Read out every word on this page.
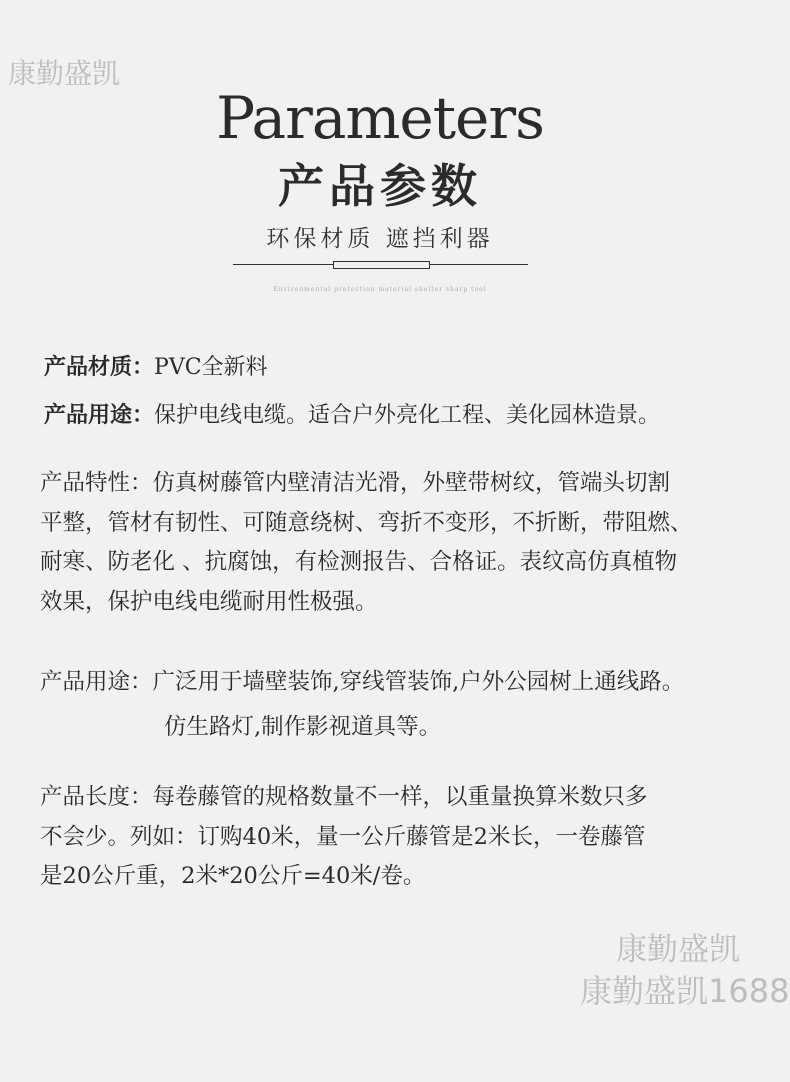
康勤盛凯
Parameters
产品参数
环保材质 遮挡利器
Environmental protection material shelter sharp tool
产品材质：PVC全新料
产品用途：保护电线电缆。适合户外亮化工程、美化园林造景。
产品特性：仿真树藤管内壁清洁光滑，外壁带树纹，管端头切割
平整，管材有韧性、可随意绕树、弯折不变形，不折断，带阻燃、
耐寒、防老化 、抗腐蚀，有检测报告、合格证。表纹高仿真植物
效果，保护电线电缆耐用性极强。
产品用途：广泛用于墙壁装饰,穿线管装饰,户外公园树上通线路。
仿生路灯,制作影视道具等。
产品长度：每卷藤管的规格数量不一样，以重量换算米数只多
不会少。列如：订购40米，量一公斤藤管是2米长，一卷藤管
是20公斤重，2米*20公斤=40米/卷。
康勤盛凯
康勤盛凯1688
